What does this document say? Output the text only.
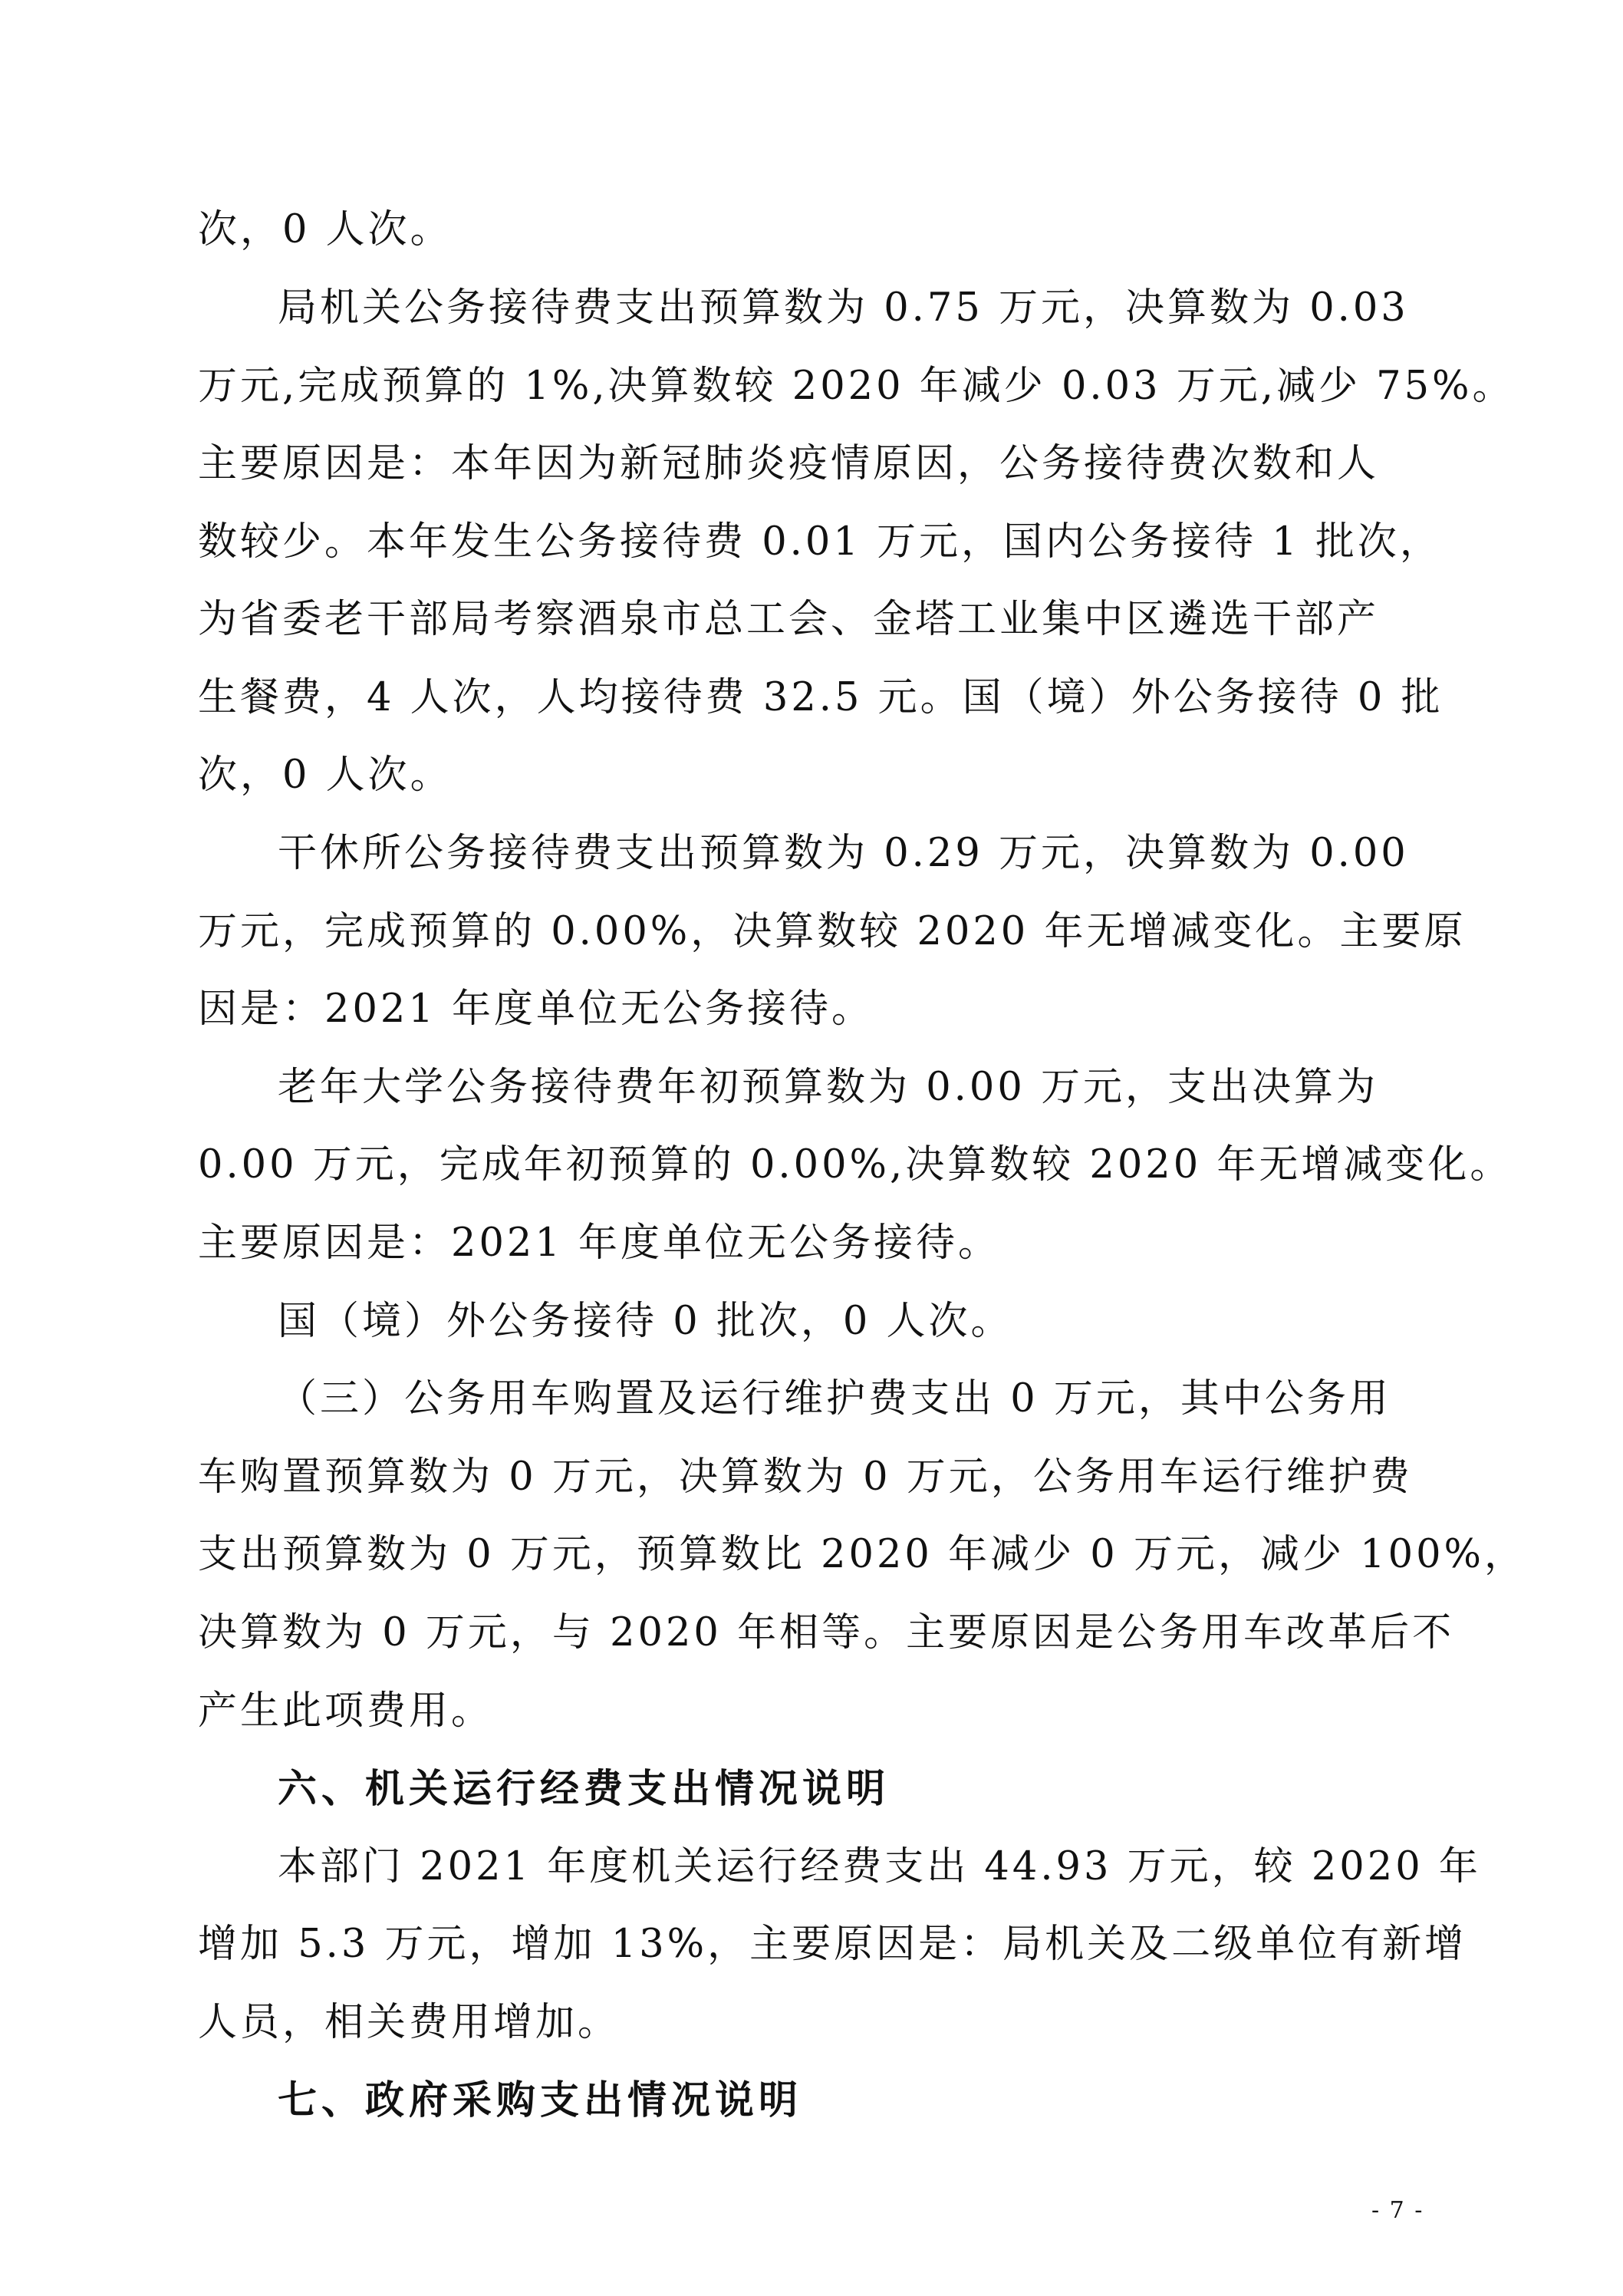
次，0 人次。
局机关公务接待费支出预算数为 0.75 万元，决算数为 0.03
万元,完成预算的 1%,决算数较 2020 年减少 0.03 万元,减少 75%。
主要原因是：本年因为新冠肺炎疫情原因，公务接待费次数和人
数较少。本年发生公务接待费 0.01 万元，国内公务接待 1 批次，
为省委老干部局考察酒泉市总工会、金塔工业集中区遴选干部产
生餐费，4 人次，人均接待费 32.5 元。国（境）外公务接待 0 批
次，0 人次。
干休所公务接待费支出预算数为 0.29 万元，决算数为 0.00
万元，完成预算的 0.00%，决算数较 2020 年无增减变化。主要原
因是：2021 年度单位无公务接待。
老年大学公务接待费年初预算数为 0.00 万元，支出决算为
0.00 万元，完成年初预算的 0.00%,决算数较 2020 年无增减变化。
主要原因是：2021 年度单位无公务接待。
国（境）外公务接待 0 批次，0 人次。
（三）公务用车购置及运行维护费支出 0 万元，其中公务用
车购置预算数为 0 万元，决算数为 0 万元，公务用车运行维护费
支出预算数为 0 万元，预算数比 2020 年减少 0 万元，减少 100%，
决算数为 0 万元，与 2020 年相等。主要原因是公务用车改革后不
产生此项费用。
六、机关运行经费支出情况说明
本部门 2021 年度机关运行经费支出 44.93 万元，较 2020 年
增加 5.3 万元，增加 13%，主要原因是：局机关及二级单位有新增
人员，相关费用增加。
七、政府采购支出情况说明
- 7 -
